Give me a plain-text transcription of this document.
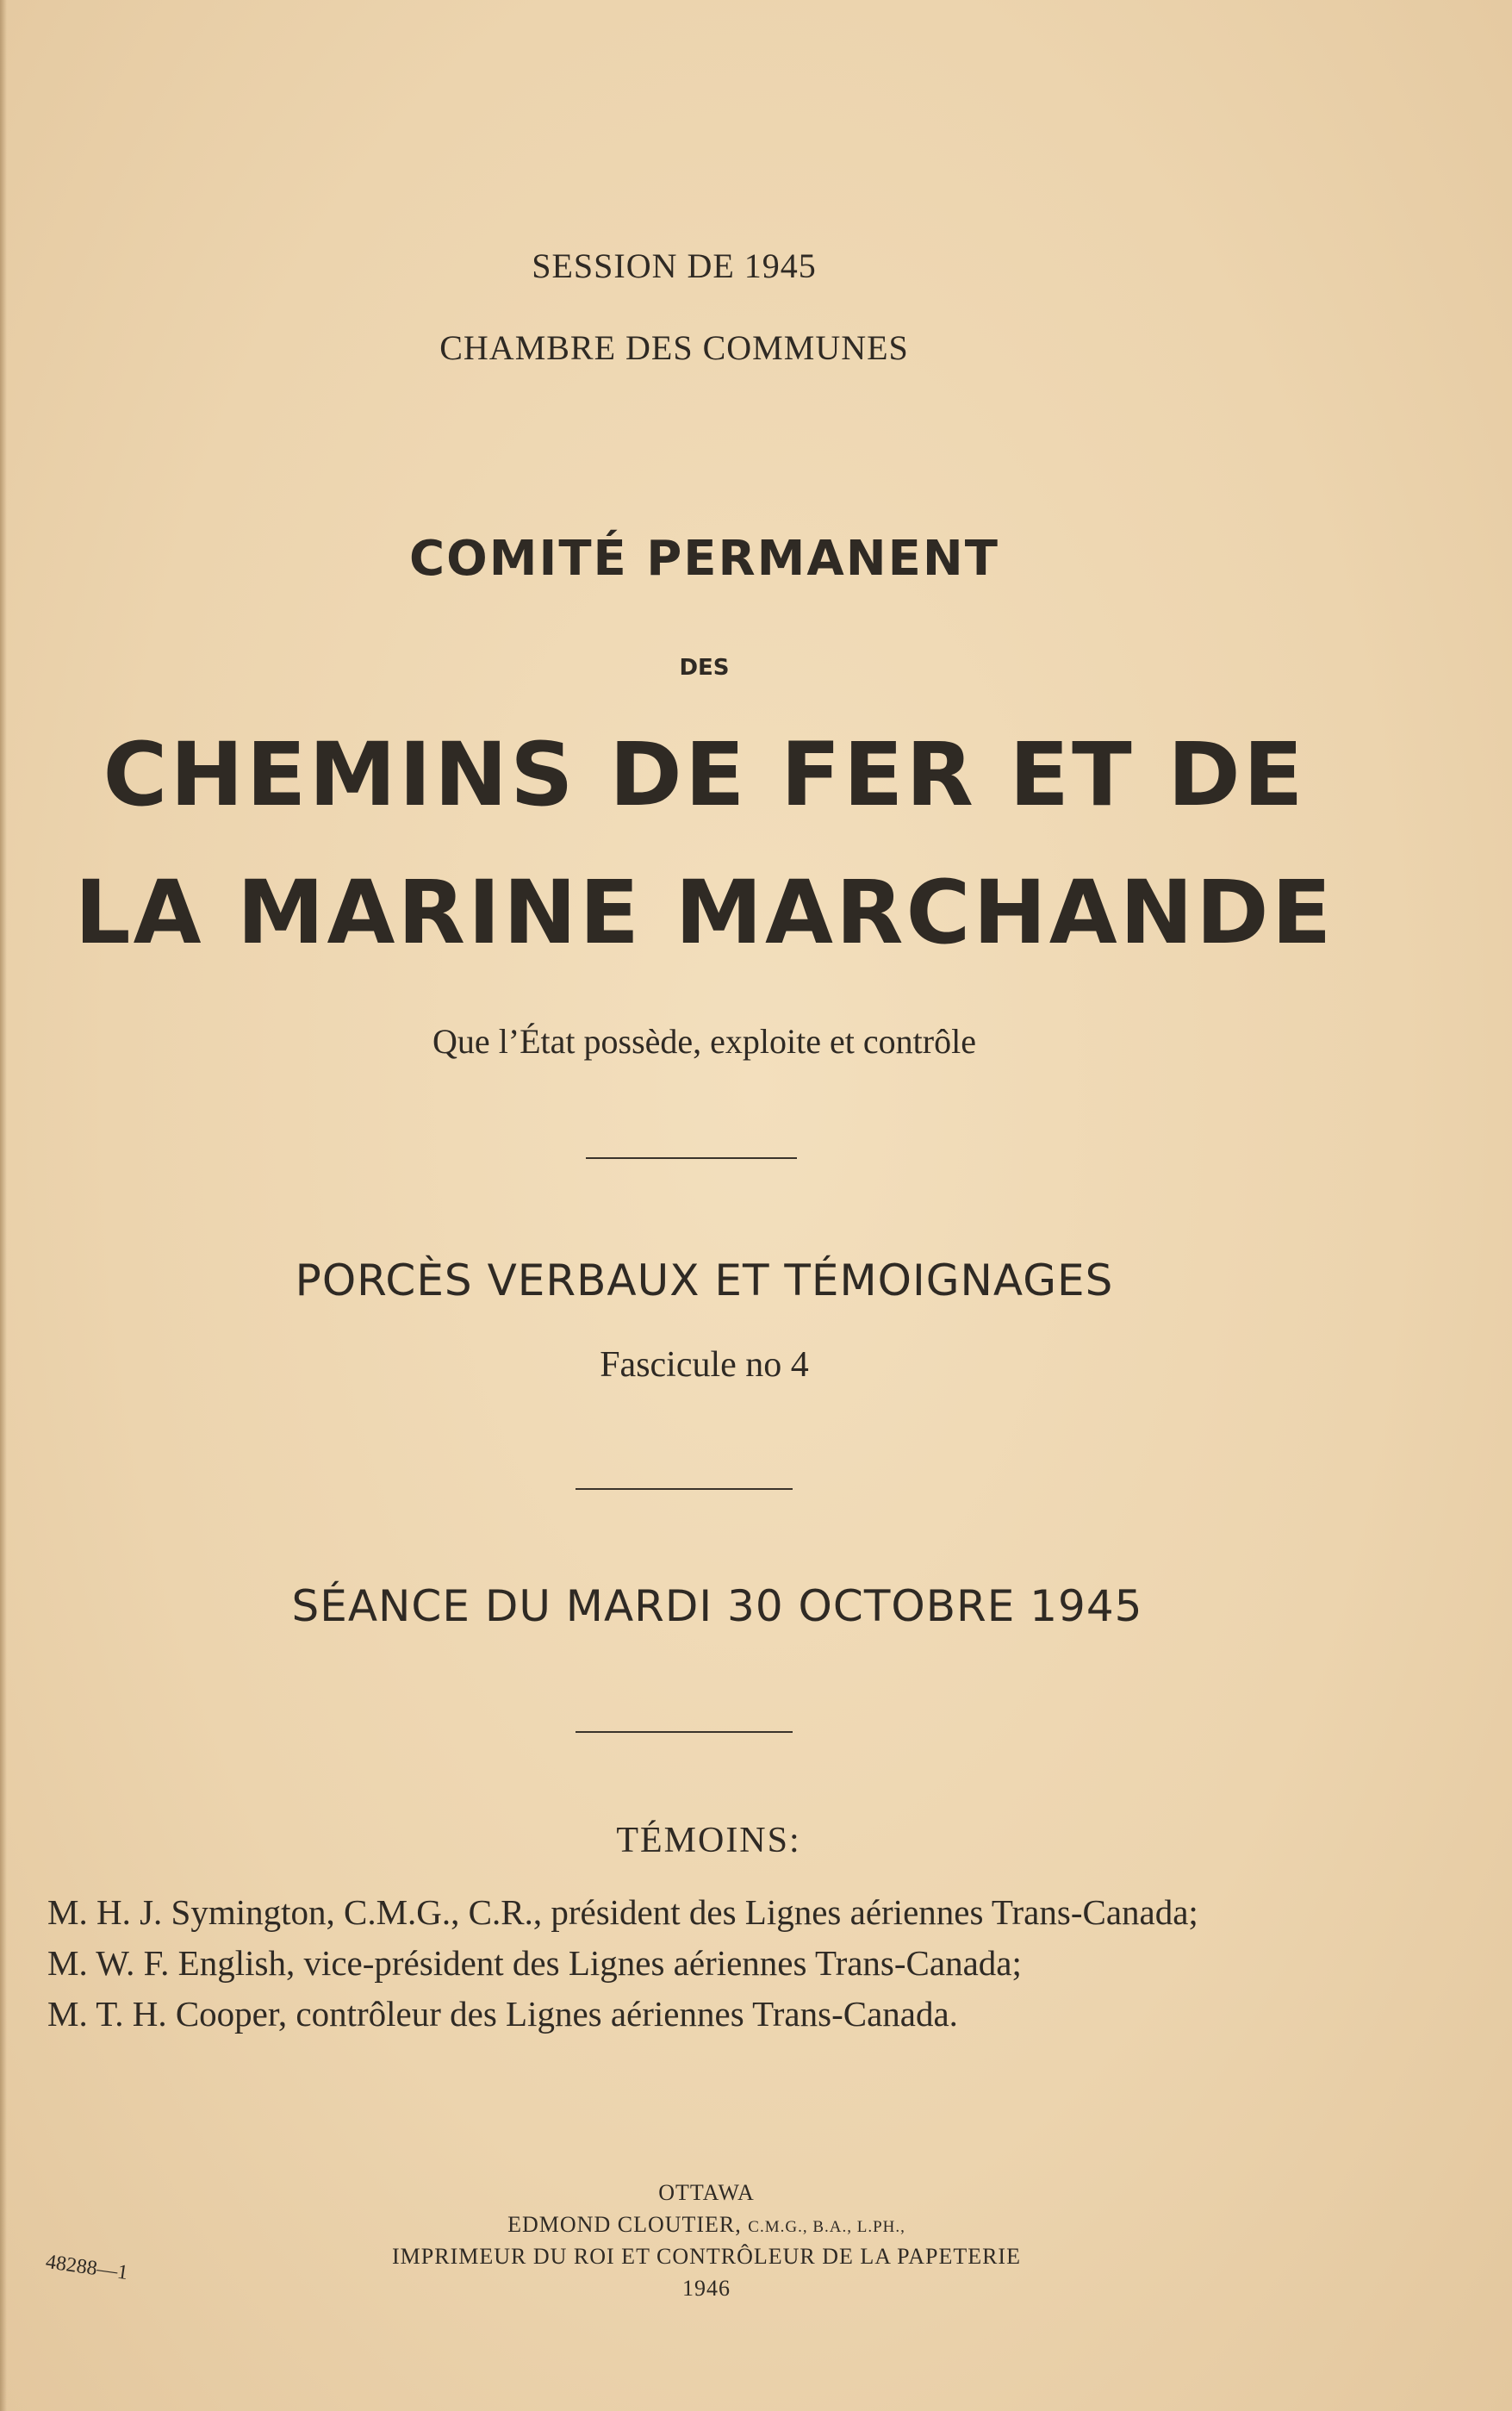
SESSION DE 1945
CHAMBRE DES COMMUNES
COMITÉ PERMANENT
DES
CHEMINS DE FER ET DE
LA MARINE MARCHANDE
Que l’État possède, exploite et contrôle
PORCÈS VERBAUX ET TÉMOIGNAGES
Fascicule no 4
SÉANCE DU MARDI 30 OCTOBRE 1945
TÉMOINS:
M. H. J. Symington, C.M.G., C.R., président des Lignes aériennes Trans-Canada;
M. W. F. English, vice-président des Lignes aériennes Trans-Canada;
M. T. H. Cooper, contrôleur des Lignes aériennes Trans-Canada.
OTTAWA
EDMOND CLOUTIER, C.M.G., B.A., L.PH.,
IMPRIMEUR DU ROI ET CONTRÔLEUR DE LA PAPETERIE
1946
48288—1
